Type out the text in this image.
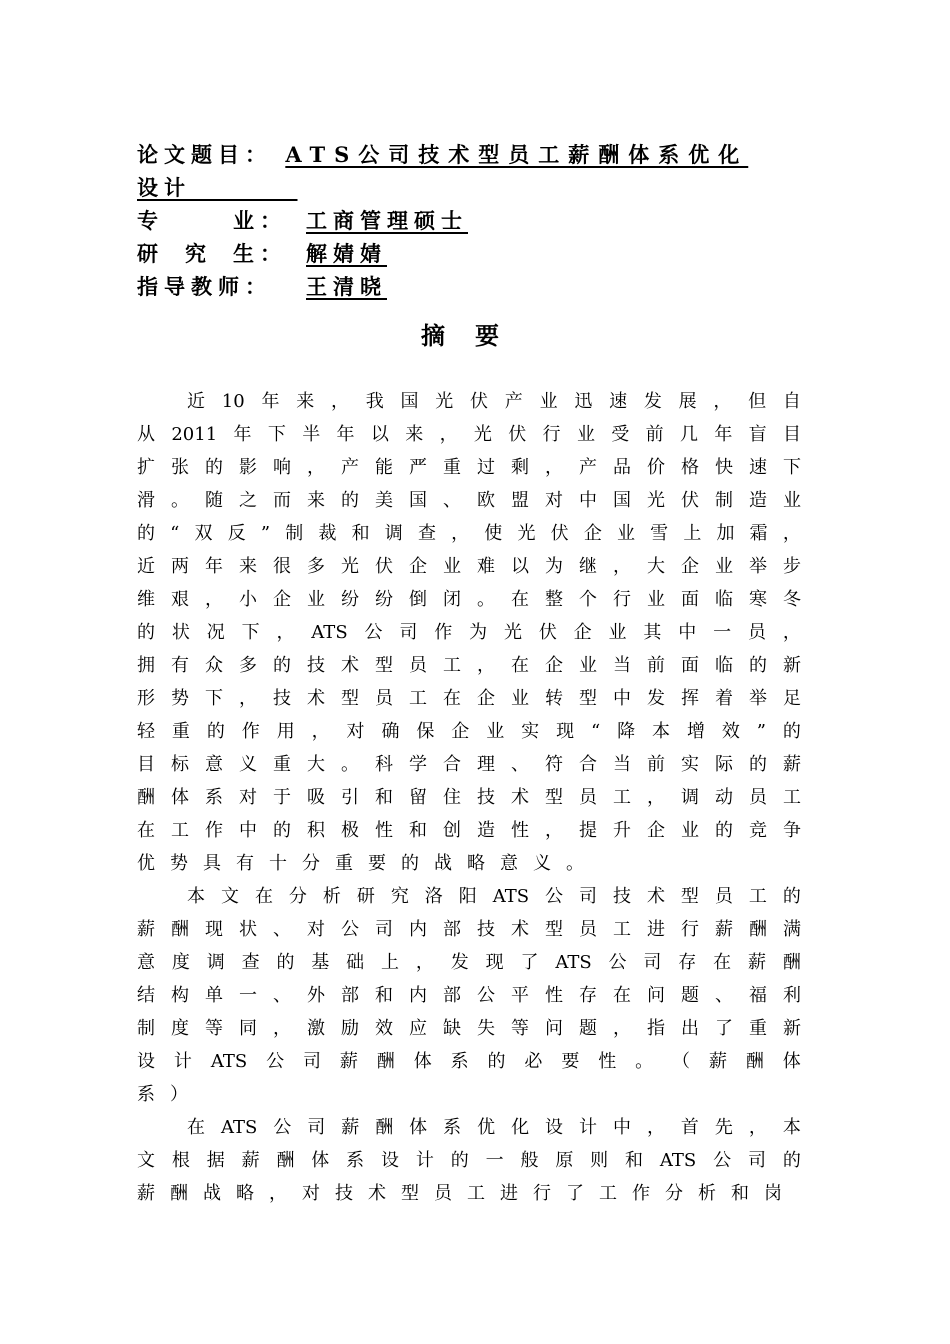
论文题目： ATS公司技术型员工薪酬体系优化
设计
专	业： 工商管理硕士
研 究 生： 解婧婧
指导教师： 王清晓
摘要
近 10 年 来 ， 我 国 光 伏 产 业 迅 速 发 展 ， 但 自
从 2011 年 下 半 年 以 来 ， 光 伏 行 业 受 前 几 年 盲 目
扩 张 的 影 响 ， 产 能 严 重 过 剩 ， 产 品 价 格 快 速 下
滑 。 随 之 而 来 的 美 国 、 欧 盟 对 中 国 光 伏 制 造 业
的 “ 双 反 ” 制 裁 和 调 查 ， 使 光 伏 企 业 雪 上 加 霜 ，
近 两 年 来 很 多 光 伏 企 业 难 以 为 继 ， 大 企 业 举 步
维 艰 ， 小 企 业 纷 纷 倒 闭 。 在 整 个 行 业 面 临 寒 冬
的 状 况 下 ， ATS 公 司 作 为 光 伏 企 业 其 中 一 员 ，
拥 有 众 多 的 技 术 型 员 工 ， 在 企 业 当 前 面 临 的 新
形 势 下 ， 技 术 型 员 工 在 企 业 转 型 中 发 挥 着 举 足
轻 重 的 作 用 ， 对 确 保 企 业 实 现 “ 降 本 增 效 ” 的
目 标 意 义 重 大 。 科 学 合 理 、 符 合 当 前 实 际 的 薪
酬 体 系 对 于 吸 引 和 留 住 技 术 型 员 工 ， 调 动 员 工
在 工 作 中 的 积 极 性 和 创 造 性 ， 提 升 企 业 的 竞 争
优 势 具 有 十 分 重 要 的 战 略 意 义 。
本 文 在 分 析 研 究 洛 阳 ATS 公 司 技 术 型 员 工 的
薪 酬 现 状 、 对 公 司 内 部 技 术 型 员 工 进 行 薪 酬 满
意 度 调 查 的 基 础 上 ， 发 现 了 ATS 公 司 存 在 薪 酬
结 构 单 一 、 外 部 和 内 部 公 平 性 存 在 问 题 、 福 利
制 度 等 同 ， 激 励 效 应 缺 失 等 问 题 ， 指 出 了 重 新
设 计 ATS 公 司 薪 酬 体 系 的 必 要 性 。 （ 薪 酬 体
系 ）
在 ATS 公 司 薪 酬 体 系 优 化 设 计 中 ， 首 先 ， 本
文 根 据 薪 酬 体 系 设 计 的 一 般 原 则 和 ATS 公 司 的
薪 酬 战 略 ， 对 技 术 型 员 工 进 行 了 工 作 分 析 和 岗
